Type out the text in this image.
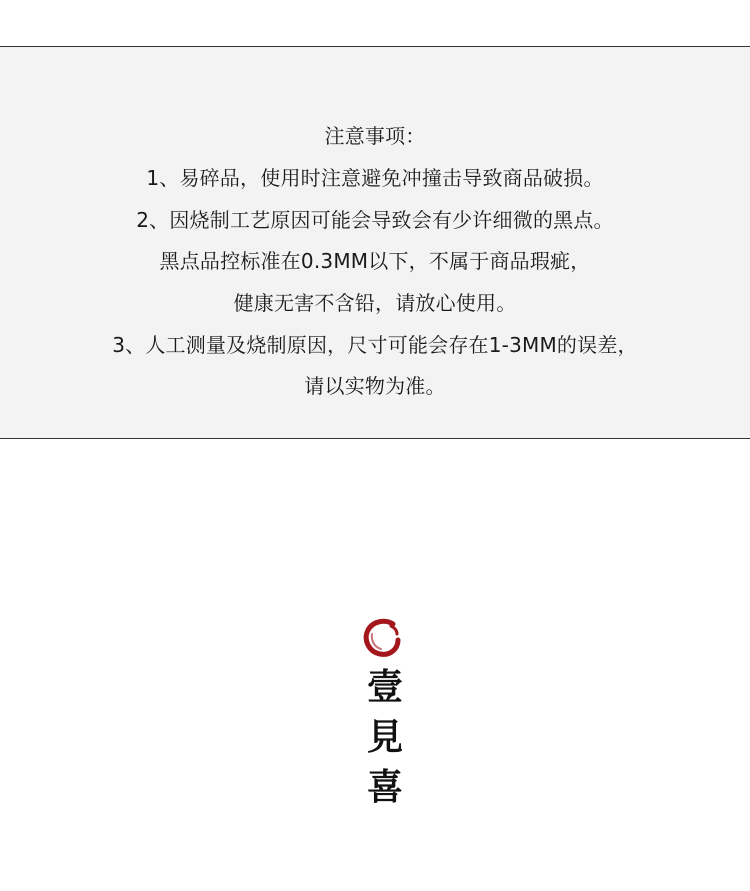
注意事项：
1、易碎品，使用时注意避免冲撞击导致商品破损。
2、因烧制工艺原因可能会导致会有少许细微的黑点。
黑点品控标准在0.3MM以下，不属于商品瑕疵，
健康无害不含铅，请放心使用。
3、人工测量及烧制原因，尺寸可能会存在1-3MM的误差，
请以实物为准。
壹
見
喜
